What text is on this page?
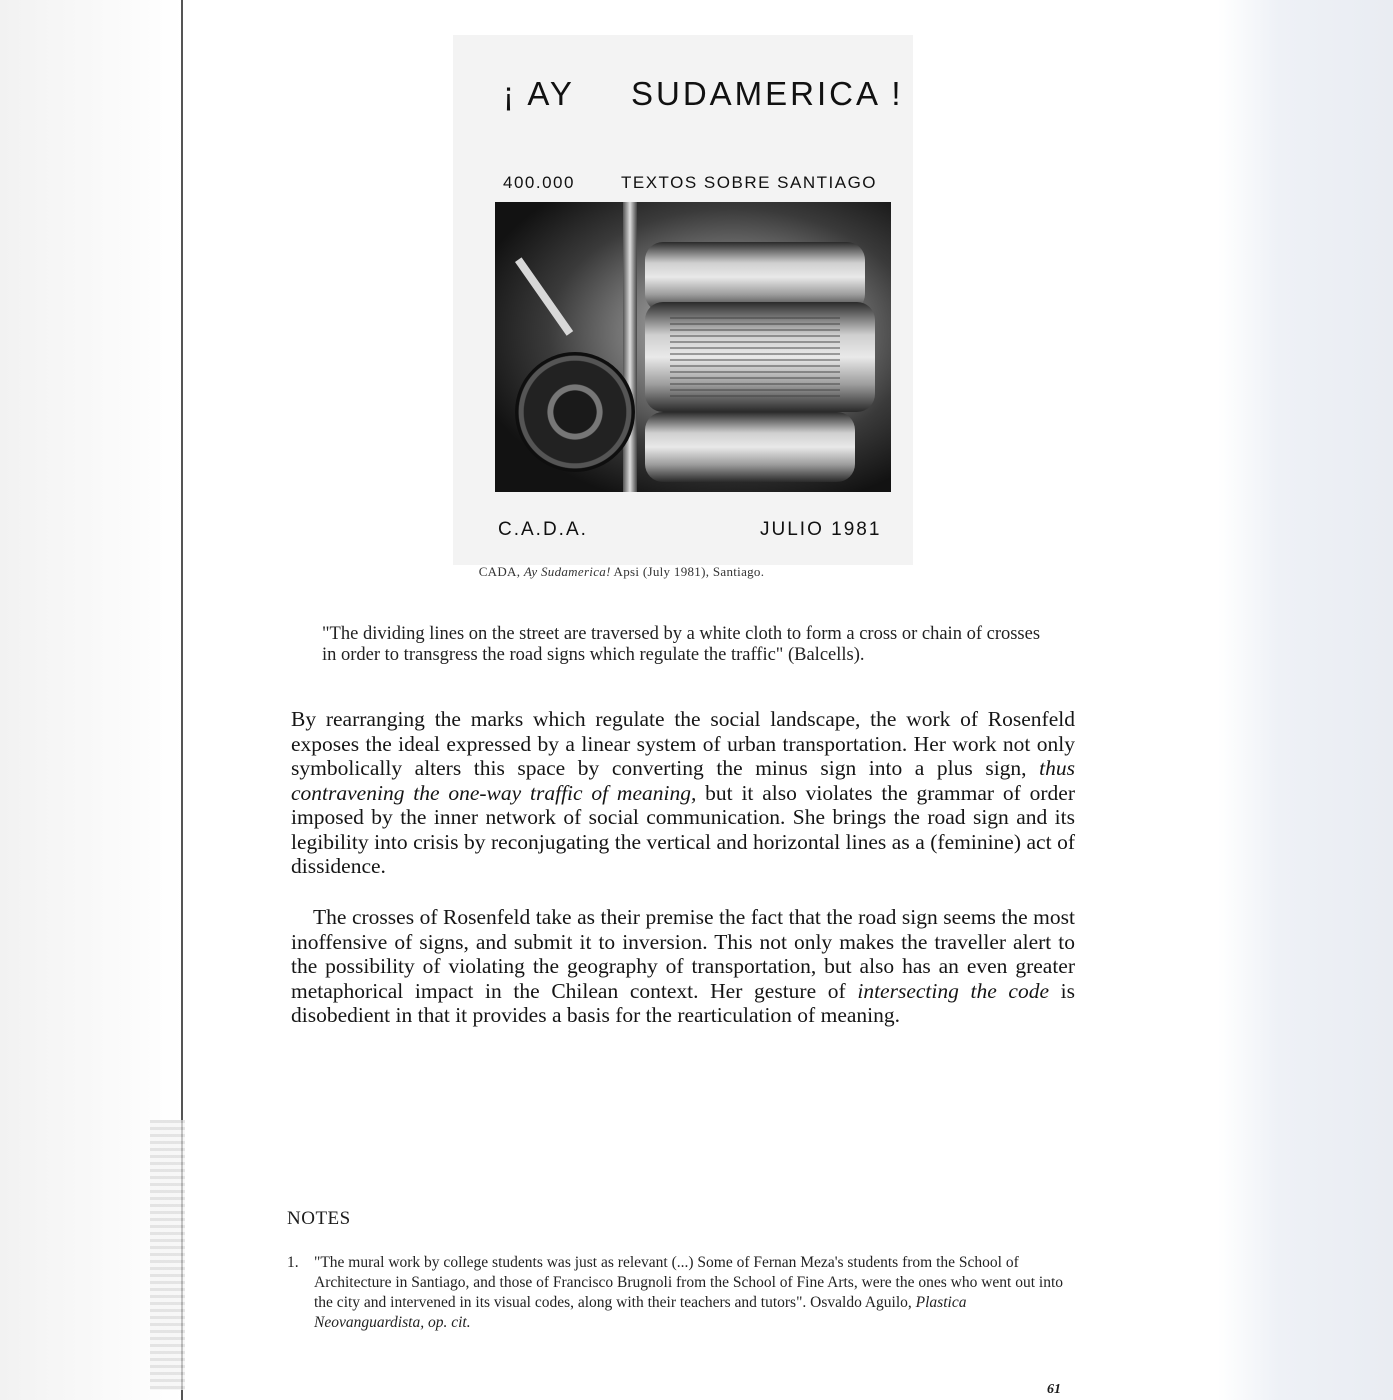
¡ AY SUDAMERICA !
400.000	TEXTOS SOBRE SANTIAGO
C.A.D.A.	JULIO 1981
CADA, Ay Sudamerica! Apsi (July 1981), Santiago.
"The dividing lines on the street are traversed by a white cloth to form a cross or chain of crosses in order to transgress the road signs which regulate the traffic" (Balcells).
By rearranging the marks which regulate the social landscape, the work of Rosenfeld exposes the ideal expressed by a linear system of urban transportation. Her work not only symbolically alters this space by converting the minus sign into a plus sign, thus contravening the one-way traffic of meaning, but it also violates the grammar of order imposed by the inner network of social communication. She brings the road sign and its legibility into crisis by reconjugating the vertical and horizontal lines as a (feminine) act of dissidence.
The crosses of Rosenfeld take as their premise the fact that the road sign seems the most inoffensive of signs, and submit it to inversion. This not only makes the traveller alert to the possibility of violating the geography of transportation, but also has an even greater metaphorical impact in the Chilean context. Her gesture of intersecting the code is disobedient in that it provides a basis for the rearticulation of meaning.
NOTES
1. "The mural work by college students was just as relevant (...) Some of Fernan Meza's students from the School of Architecture in Santiago, and those of Francisco Brugnoli from the School of Fine Arts, were the ones who went out into the city and intervened in its visual codes, along with their teachers and tutors". Osvaldo Aguilo, Plastica Neovanguardista, op. cit.
61
